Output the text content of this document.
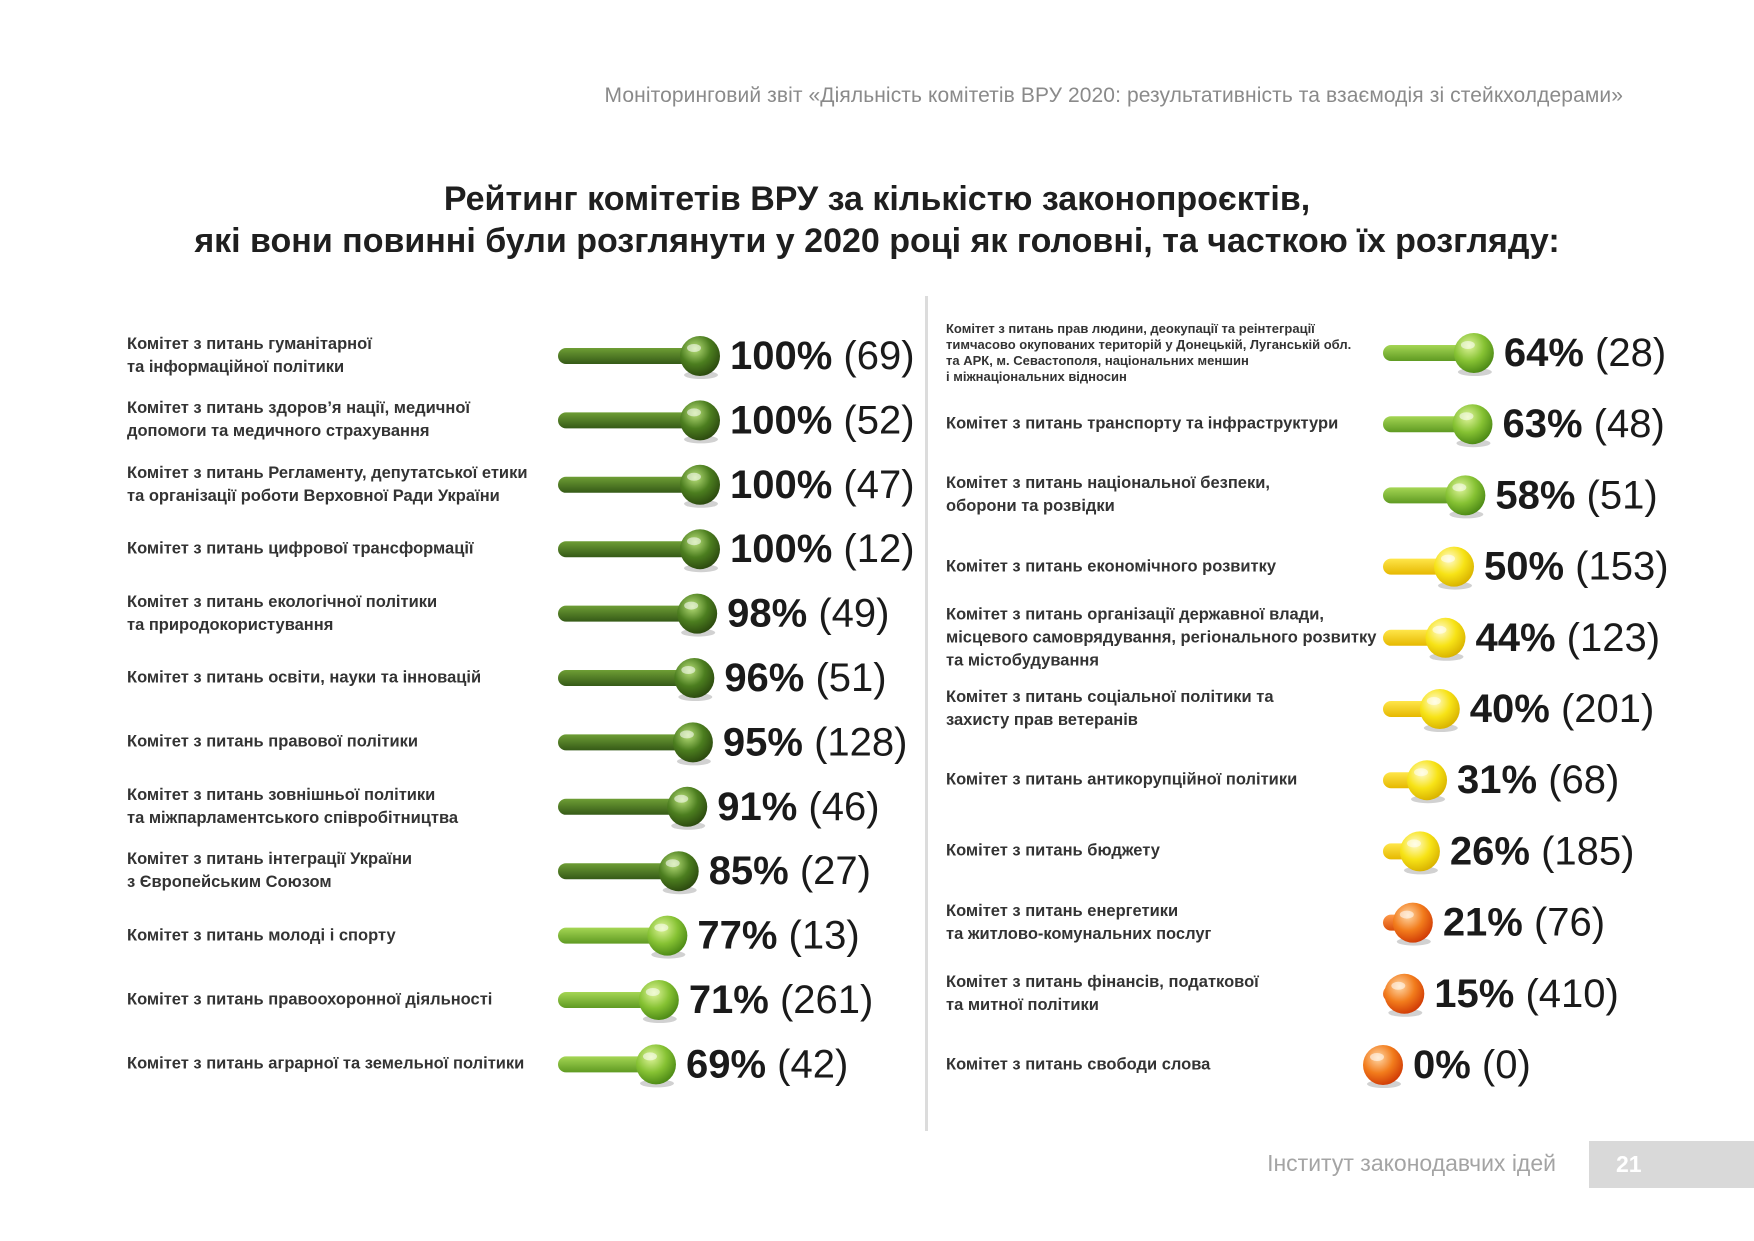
Моніторинговий звіт «Діяльність комітетів ВРУ 2020: результативність та взаємодія зі стейкхолдерами»
Рейтинг комітетів ВРУ за кількістю законопроєктів,
які вони повинні були розглянути у 2020 році як головні, та часткою їх розгляду:
Комітет з питань гуманітарної
та інформаційної політики
Комітет з питань здоров’я нації, медичної
допомоги та медичного страхування
Комітет з питань Регламенту, депутатської етики
та організації роботи Верховної Ради України
Комітет з питань цифрової трансформації
Комітет з питань екологічної політики
та природокористування
Комітет з питань освіти, науки та інновацій
Комітет з питань правової політики
Комітет з питань зовнішньої політики
та міжпарламентського співробітництва
Комітет з питань інтеграції України
з Європейським Союзом
Комітет з питань молоді і спорту
Комітет з питань правоохоронної діяльності
Комітет з питань аграрної та земельної політики
Комітет з питань прав людини, деокупації та реінтеграції
тимчасово окупованих територій у Донецькій, Луганській обл.
та АРК, м. Севастополя, національних меншин
і міжнаціональних відносин
Комітет з питань транспорту та інфраструктури
Комітет з питань національної безпеки,
оборони та розвідки
Комітет з питань економічного розвитку
Комітет з питань організації державної влади,
місцевого самоврядування, регіонального розвитку
та містобудування
Комітет з питань соціальної політики та
захисту прав ветеранів
Комітет з питань антикорупційної політики
Комітет з питань бюджету
Комітет з питань енергетики
та житлово-комунальних послуг
Комітет з питань фінансів, податкової
та митної політики
Комітет з питань свободи слова
100% (69)
100% (52)
100% (47)
100% (12)
98% (49)
96% (51)
95% (128)
91% (46)
85% (27)
77% (13)
71% (261)
69% (42)
64% (28)
63% (48)
58% (51)
50% (153)
44% (123)
40% (201)
31% (68)
26% (185)
21% (76)
15% (410)
0% (0)
Інститут законодавчих ідей	21
